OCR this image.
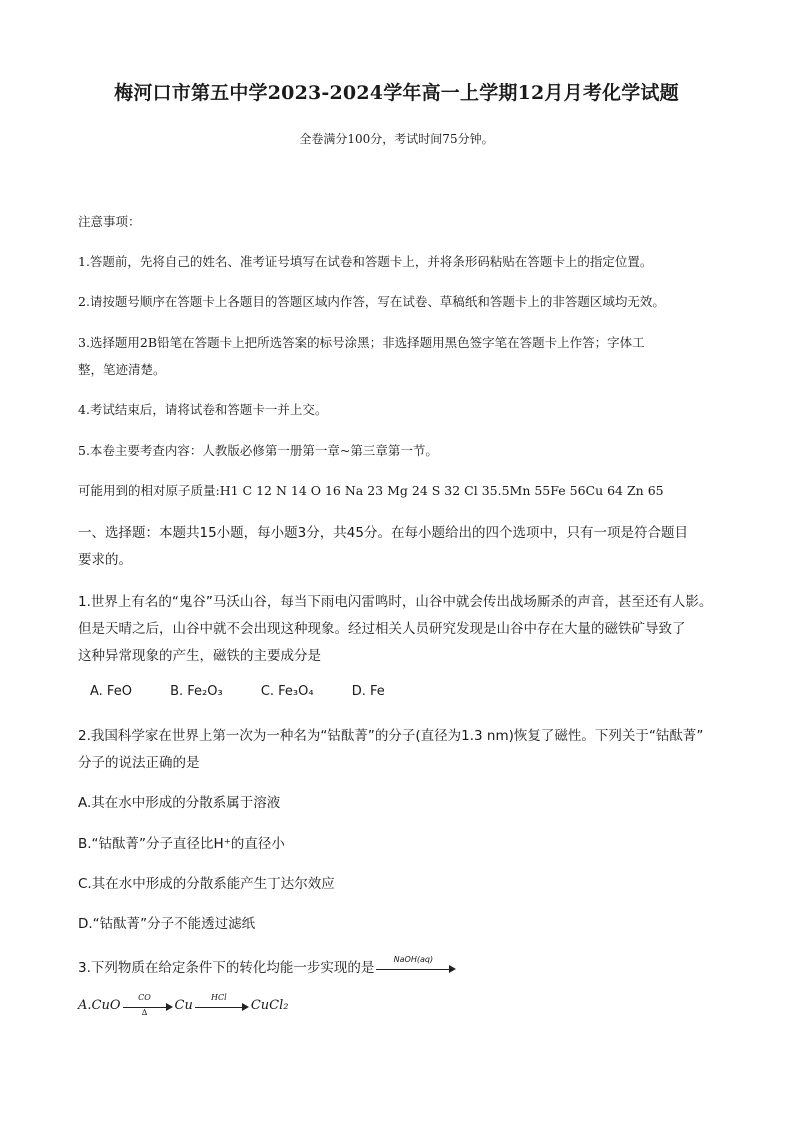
梅河口市第五中学2023-2024学年高一上学期12月月考化学试题
全卷满分100分，考试时间75分钟。
注意事项：
1.答题前，先将自己的姓名、准考证号填写在试卷和答题卡上，并将条形码粘贴在答题卡上的指定位置。
2.请按题号顺序在答题卡上各题目的答题区域内作答，写在试卷、草稿纸和答题卡上的非答题区域均无效。
3.选择题用2B铅笔在答题卡上把所选答案的标号涂黑；非选择题用黑色签字笔在答题卡上作答；字体工
整，笔迹清楚。
4.考试结束后，请将试卷和答题卡一并上交。
5.本卷主要考查内容：人教版必修第一册第一章~第三章第一节。
可能用到的相对原子质量:H1 C 12 N 14 O 16 Na 23 Mg 24 S 32 Cl 35.5Mn 55Fe 56Cu 64 Zn 65
一、选择题：本题共15小题，每小题3分，共45分。在每小题给出的四个选项中，只有一项是符合题目
要求的。
1.世界上有名的“鬼谷”马沃山谷，每当下雨电闪雷鸣时，山谷中就会传出战场厮杀的声音，甚至还有人影。
但是天晴之后，山谷中就不会出现这种现象。经过相关人员研究发现是山谷中存在大量的磁铁矿导致了
这种异常现象的产生，磁铁的主要成分是
A. FeO	B. Fe₂O₃	C. Fe₃O₄	D. Fe
2.我国科学家在世界上第一次为一种名为“钴酞菁”的分子(直径为1.3 nm)恢复了磁性。下列关于“钴酞菁”
分子的说法正确的是
A.其在水中形成的分散系属于溶液
B.“钴酞菁”分子直径比H⁺的直径小
C.其在水中形成的分散系能产生丁达尔效应
D.“钴酞菁”分子不能透过滤纸
3.下列物质在给定条件下的转化均能一步实现的是
NaOH(aq)
A.CuO
CO
∆	Cu
HCl
CuCl₂
